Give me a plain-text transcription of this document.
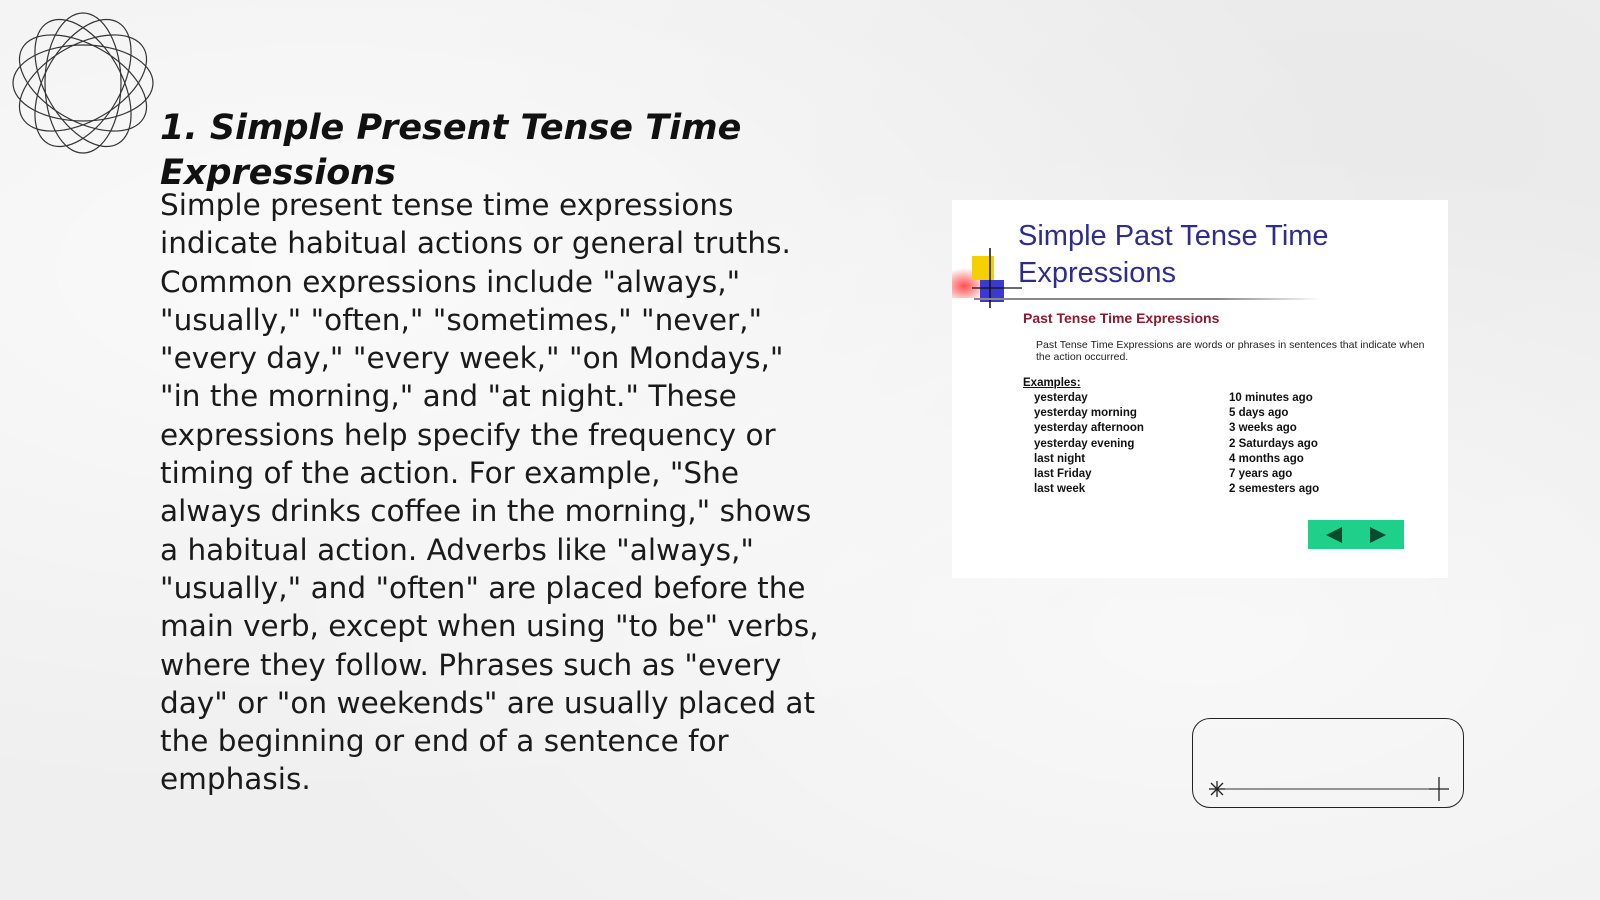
1. Simple Present Tense Time Expressions

Simple present tense time expressions indicate habitual actions or general truths. Common expressions include "always," "usually," "often," "sometimes," "never," "every day," "every week," "on Mondays," "in the morning," and "at night." These expressions help specify the frequency or timing of the action. For example, "She always drinks coffee in the morning," shows a habitual action. Adverbs like "always," "usually," and "often" are placed before the main verb, except when using "to be" verbs, where they follow. Phrases such as "every day" or "on weekends" are usually placed at the beginning or end of a sentence for emphasis.

Simple Past Tense Time Expressions
Past Tense Time Expressions
Past Tense Time Expressions are words or phrases in sentences that indicate when the action occurred.
Examples:
yesterday
yesterday morning
yesterday afternoon
yesterday evening
last night
last Friday
last week
10 minutes ago
5 days ago
3 weeks ago
2 Saturdays ago
4 months ago
7 years ago
2 semesters ago
